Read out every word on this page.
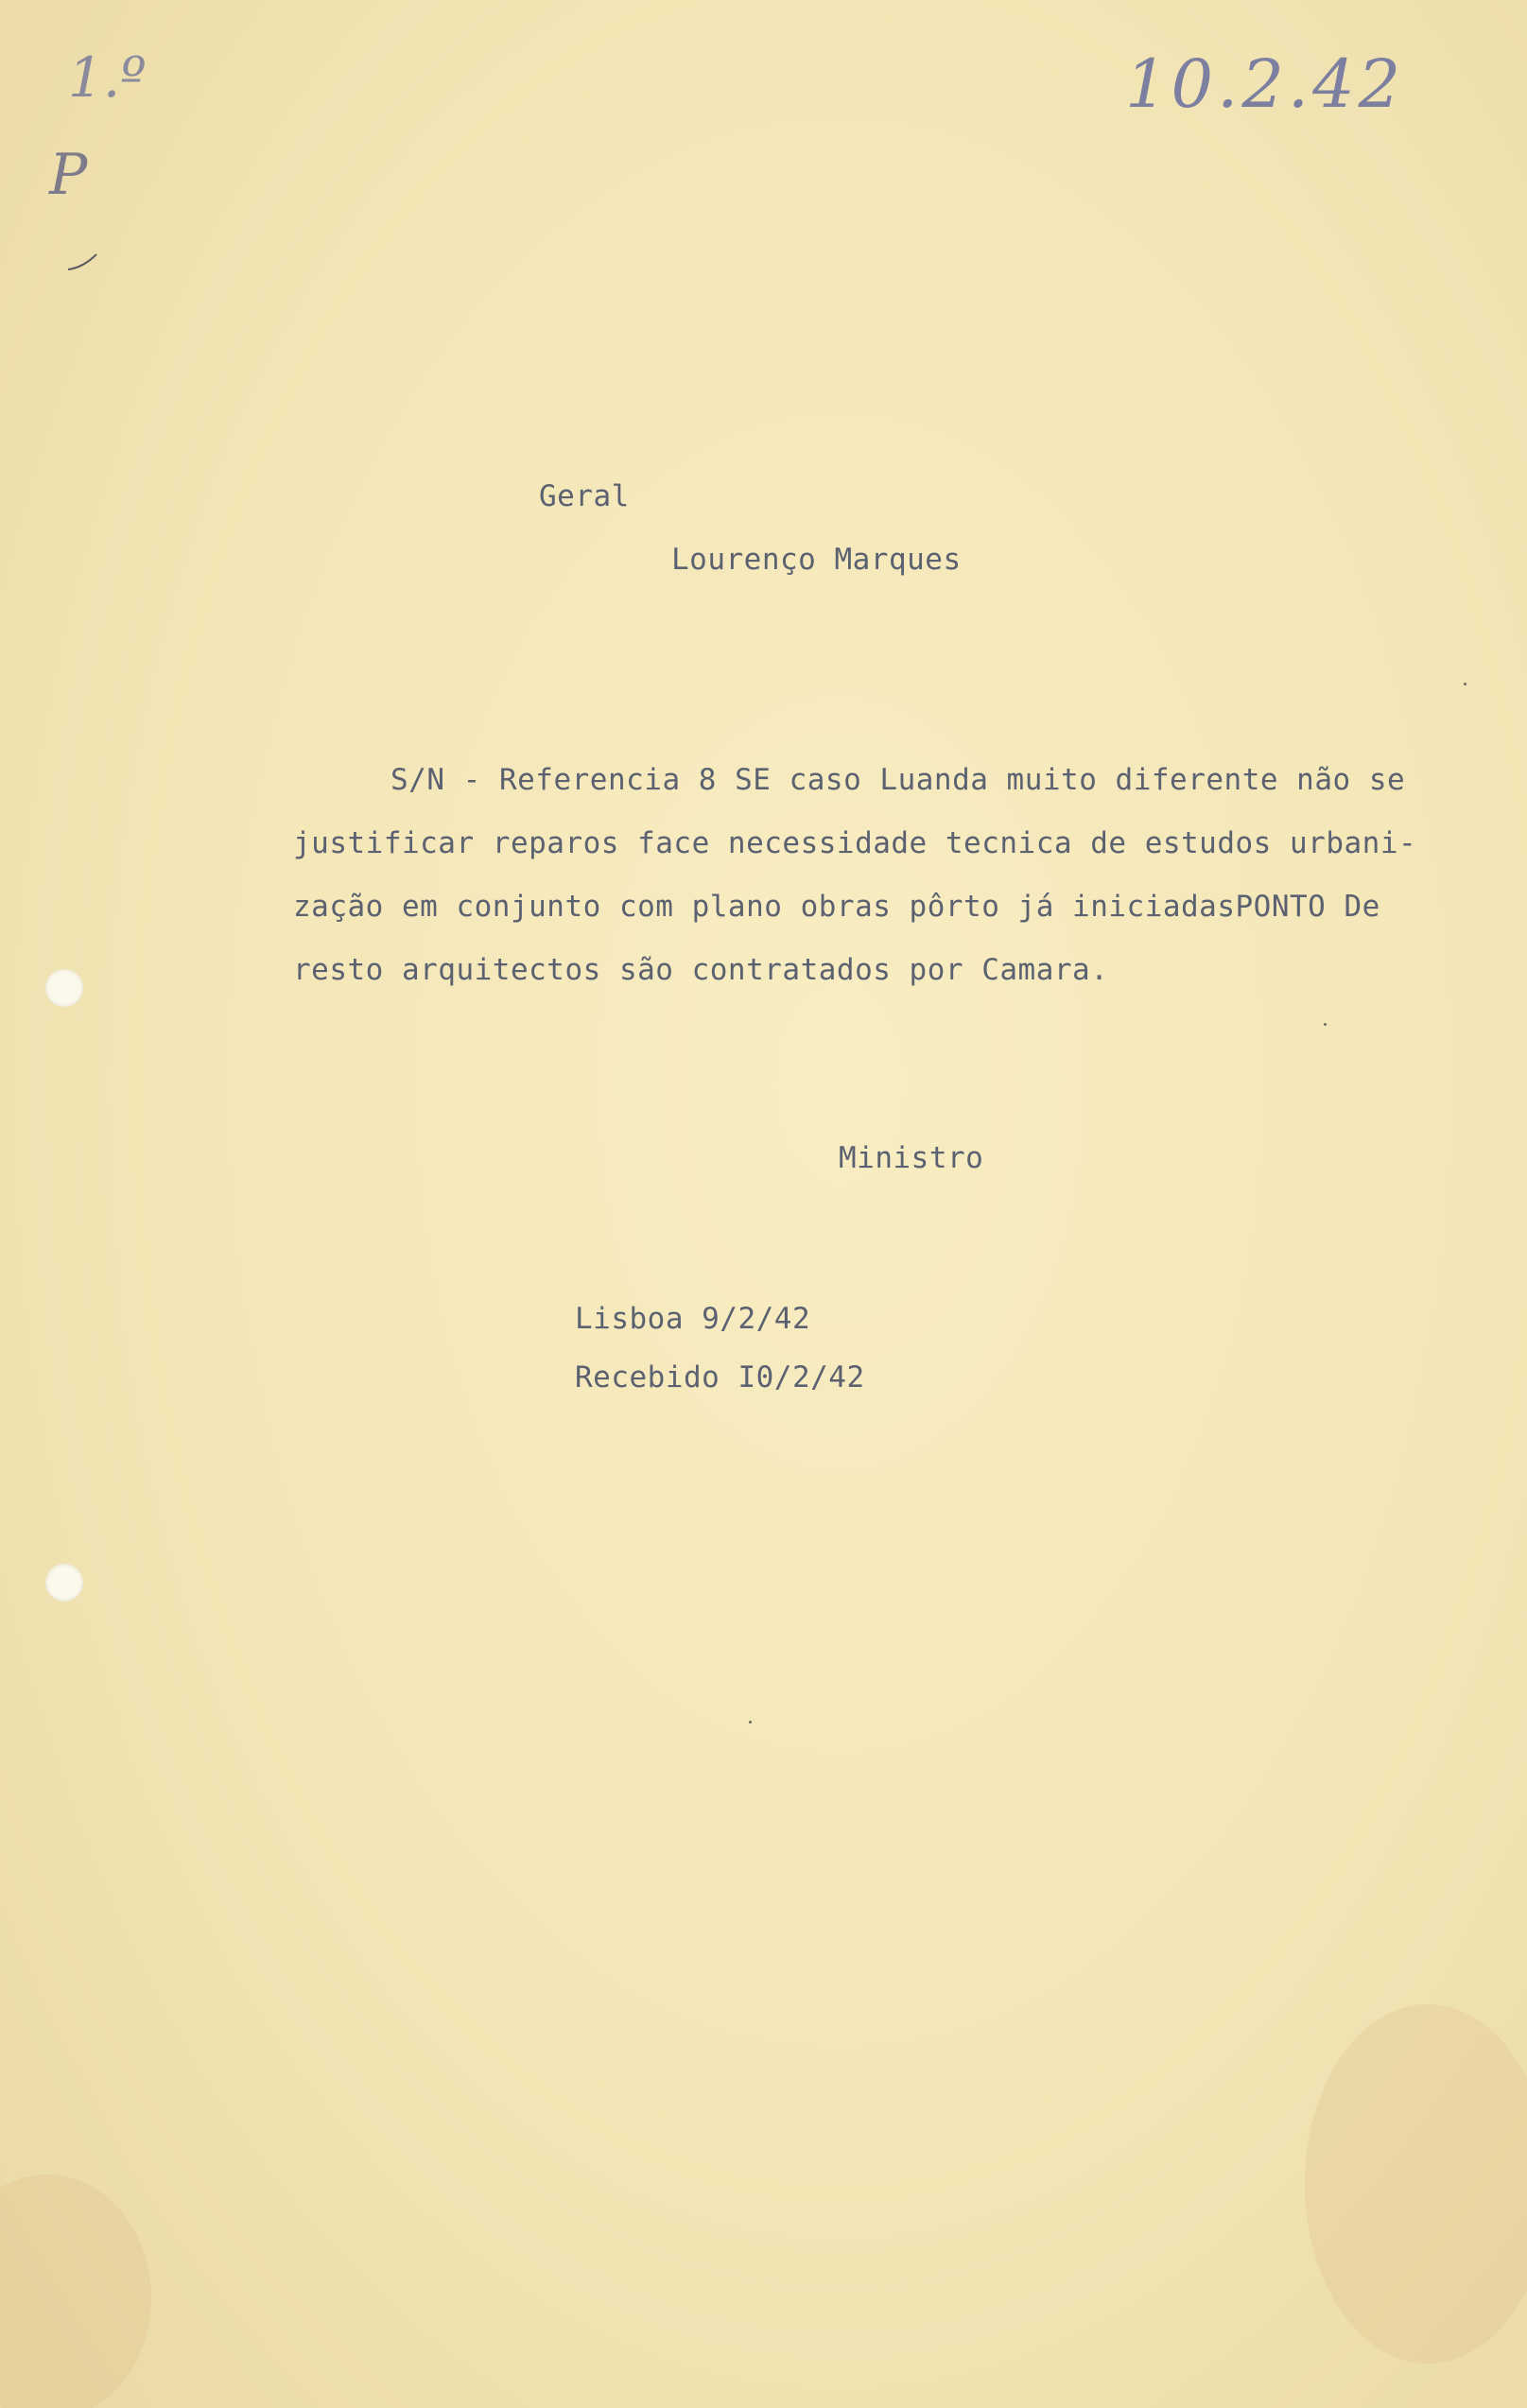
1.º
P
10.2.42
Geral
Lourenço Marques
S/N - Referencia 8 SE caso Luanda muito diferente não se
justificar reparos face necessidade tecnica de estudos urbani-
zação em conjunto com plano obras pôrto já iniciadasPONTO De
resto arquitectos são contratados por Camara.
Ministro
Lisboa 9/2/42
Recebido I0/2/42
